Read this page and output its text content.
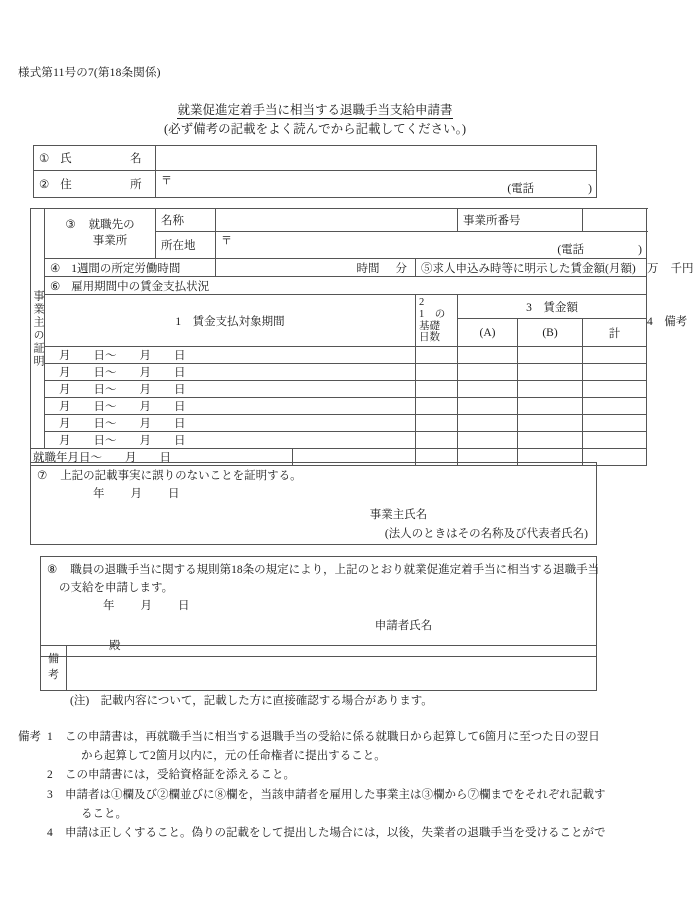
様式第11号の7(第18条関係)
就業促進定着手当に相当する退職手当支給申請書
(必ず備考の記載をよく読んでから記載してください。)
① 氏　　　名	

② 住　　　所	〒
(電話 )
事業主の証明	③ 就職先の
事業所	名称				事業所番号			

		所在地	〒
(電話 )						

	④ 1週間の所定労働時間		時間 分		⑤求人申込み時等に明示した賃金額(月額)				万 千円

	⑥ 雇用期間中の賃金支払状況								

	1　賃金支払対象期間				2
1　の
基礎
日数	3　賃金額			4　備考

						(A)	(B)	計	

	月　　日〜　　月　　日								

	月　　日〜　　月　　日								

	月　　日〜　　月　　日								

	月　　日〜　　月　　日								

	月　　日〜　　月　　日								

	月　　日〜　　月　　日								

就職年月日〜　　月　　日									

⑦ 上記の記載事実に誤りのないことを証明する。
年 月 日
事業主氏名
(法人のときはその名称及び代表者氏名)
⑧ 職員の退職手当に関する規則第18条の規定により，上記のとおり就業促進定着手当に相当する退職手当
の支給を申請します。
年 月 日
申請者氏名
殿
備
考

(注)　記載内容について，記載した方に直接確認する場合があります。
備考 1 この申請書は，再就職手当に相当する退職手当の受給に係る就職日から起算して6箇月に至つた日の翌日
から起算して2箇月以内に，元の任命権者に提出すること。
2 この申請書には，受給資格証を添えること。
3 申請者は①欄及び②欄並びに⑧欄を，当該申請者を雇用した事業主は③欄から⑦欄までをそれぞれ記載す
ること。
4 申請は正しくすること。偽りの記載をして提出した場合には，以後，失業者の退職手当を受けることがで
